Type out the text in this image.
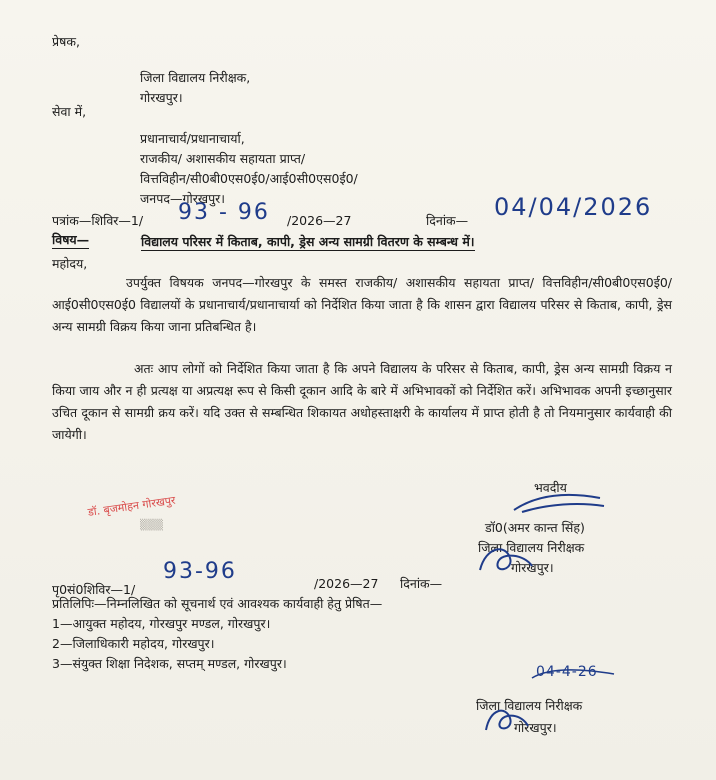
प्रेषक,
जिला विद्यालय निरीक्षक,
गोरखपुर।
सेवा में,
प्रधानाचार्य/प्रधानाचार्या,
राजकीय/ अशासकीय सहायता प्राप्त/
वित्तविहीन/सी0बी0एस0ई0/आई0सी0एस0ई0/
जनपद—गोरखपुर।
पत्रांक—शिविर—1/ 93 - 96 /2026—27	दिनांक— 04/04/2026
विषय—	विद्यालय परिसर में किताब, कापी, ड्रेस अन्य सामग्री वितरण के सम्बन्ध में।
महोदय,
उपर्युक्त विषयक जनपद—गोरखपुर के समस्त राजकीय/ अशासकीय सहायता प्राप्त/ वित्तविहीन/सी0बी0एस0ई0/आई0सी0एस0ई0 विद्यालयों के प्रधानाचार्य/प्रधानाचार्या को निर्देशित किया जाता है कि शासन द्वारा विद्यालय परिसर से किताब, कापी, ड्रेस अन्य सामग्री विक्रय किया जाना प्रतिबन्धित है।
अतः आप लोगों को निर्देशित किया जाता है कि अपने विद्यालय के परिसर से किताब, कापी, ड्रेस अन्य सामग्री विक्रय न किया जाय और न ही प्रत्यक्ष या अप्रत्यक्ष रूप से किसी दूकान आदि के बारे में अभिभावकों को निर्देशित करें। अभिभावक अपनी इच्छानुसार उचित दूकान से सामग्री क्रय करें। यदि उक्त से सम्बन्धित शिकायत अधोहस्ताक्षरी के कार्यालय में प्राप्त होती है तो नियमानुसार कार्यवाही की जायेगी।
भवदीय
डॉ0(अमर कान्त सिंह)
जिला विद्यालय निरीक्षक
गोरखपुर।
डॉ. बृजमोहन गोरखपुर
▒▒▒
पृ0सं0शिविर—1/
93-96	/2026—27 दिनांक—
प्रतिलिपिः—निम्नलिखित को सूचनार्थ एवं आवश्यक कार्यवाही हेतु प्रेषित—
1—आयुक्त महोदय, गोरखपुर मण्डल, गोरखपुर।
2—जिलाधिकारी महोदय, गोरखपुर।
3—संयुक्त शिक्षा निदेशक, सप्तम् मण्डल, गोरखपुर।
04-4-26
जिला विद्यालय निरीक्षक
गोरखपुर।
